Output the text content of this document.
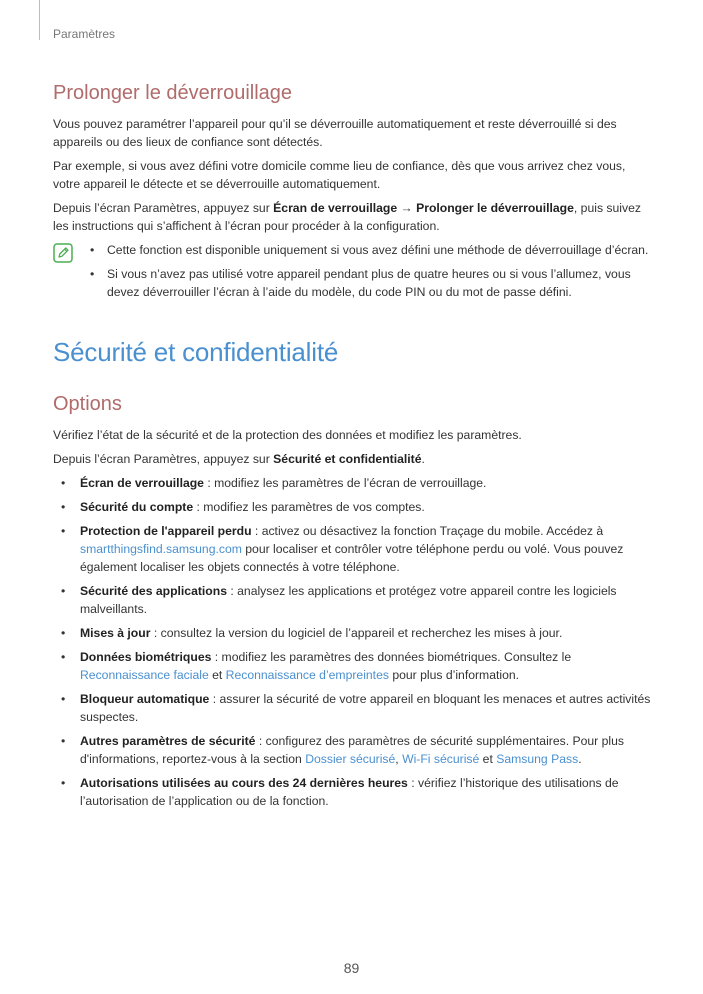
Paramètres
Prolonger le déverrouillage

Vous pouvez paramétrer l’appareil pour qu’il se déverrouille automatiquement et reste déverrouillé si des appareils ou des lieux de confiance sont détectés.

Par exemple, si vous avez défini votre domicile comme lieu de confiance, dès que vous arrivez chez vous, votre appareil le détecte et se déverrouille automatiquement.

Depuis l’écran Paramètres, appuyez sur Écran de verrouillage → Prolonger le déverrouillage, puis suivez les instructions qui s’affichent à l’écran pour procéder à la configuration.

• Cette fonction est disponible uniquement si vous avez défini une méthode de déverrouillage d’écran.
• Si vous n’avez pas utilisé votre appareil pendant plus de quatre heures ou si vous l’allumez, vous devez déverrouiller l’écran à l’aide du modèle, du code PIN ou du mot de passe défini.
Sécurité et confidentialité
Options

Vérifiez l’état de la sécurité et de la protection des données et modifiez les paramètres.

Depuis l’écran Paramètres, appuyez sur Sécurité et confidentialité.

• Écran de verrouillage : modifiez les paramètres de l’écran de verrouillage.
• Sécurité du compte : modifiez les paramètres de vos comptes.
• Protection de l'appareil perdu : activez ou désactivez la fonction Traçage du mobile. Accédez à smartthingsfind.samsung.com pour localiser et contrôler votre téléphone perdu ou volé. Vous pouvez également localiser les objets connectés à votre téléphone.
• Sécurité des applications : analysez les applications et protégez votre appareil contre les logiciels malveillants.
• Mises à jour : consultez la version du logiciel de l’appareil et recherchez les mises à jour.
• Données biométriques : modifiez les paramètres des données biométriques. Consultez le Reconnaissance faciale et Reconnaissance d’empreintes pour plus d’information.
• Bloqueur automatique : assurer la sécurité de votre appareil en bloquant les menaces et autres activités suspectes.
• Autres paramètres de sécurité : configurez des paramètres de sécurité supplémentaires. Pour plus d'informations, reportez-vous à la section Dossier sécurisé, Wi-Fi sécurisé et Samsung Pass.
• Autorisations utilisées au cours des 24 dernières heures : vérifiez l’historique des utilisations de l’autorisation de l’application ou de la fonction.
89
